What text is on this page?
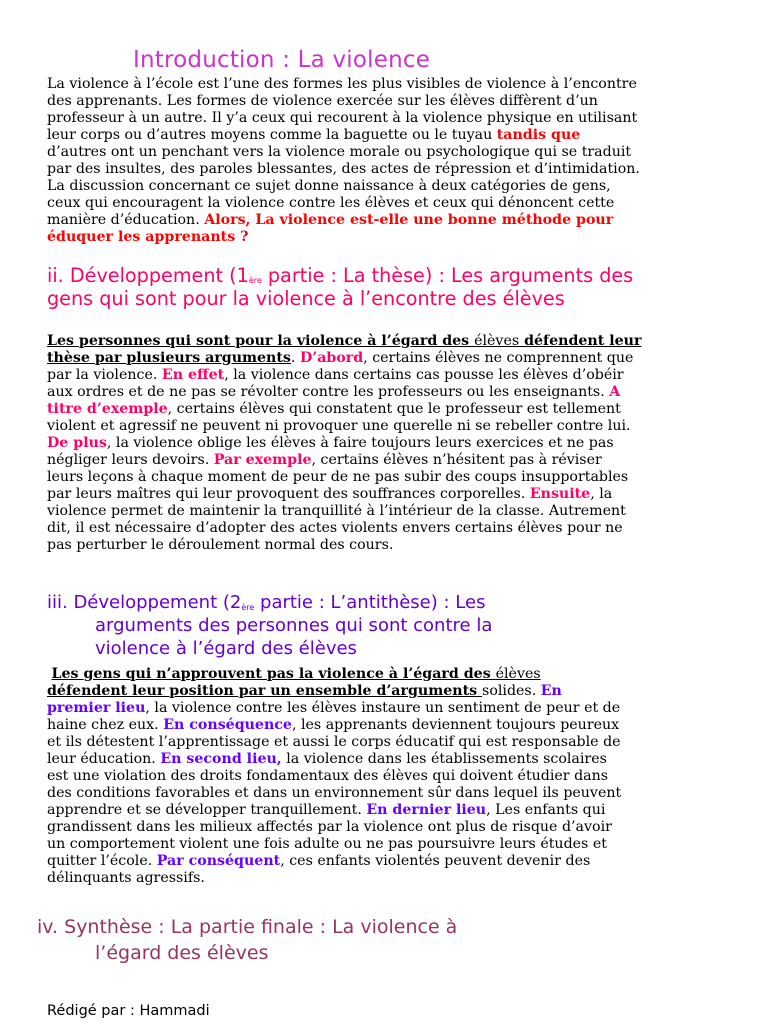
Introduction : La violence

La violence à l’école est l’une des formes les plus visibles de violence à l’encontre des apprenants. Les formes de violence exercée sur les élèves diffèrent d’un professeur à un autre. Il y’a ceux qui recourent à la violence physique en utilisant leur corps ou d’autres moyens comme la baguette ou le tuyau tandis que d’autres ont un penchant vers la violence morale ou psychologique qui se traduit par des insultes, des paroles blessantes, des actes de répression et d’intimidation. La discussion concernant ce sujet donne naissance à deux catégories de gens, ceux qui encouragent la violence contre les élèves et ceux qui dénoncent cette manière d’éducation. Alors, La violence est-elle une bonne méthode pour éduquer les apprenants ?

ii. Développement (1ère partie : La thèse) : Les arguments des gens qui sont pour la violence à l’encontre des élèves

Les personnes qui sont pour la violence à l’égard des élèves défendent leur thèse par plusieurs arguments. D’abord, certains élèves ne comprennent que par la violence. En effet, la violence dans certains cas pousse les élèves d’obéir aux ordres et de ne pas se révolter contre les professeurs ou les enseignants. A titre d’exemple, certains élèves qui constatent que le professeur est tellement violent et agressif ne peuvent ni provoquer une querelle ni se rebeller contre lui. De plus, la violence oblige les élèves à faire toujours leurs exercices et ne pas négliger leurs devoirs. Par exemple, certains élèves n’hésitent pas à réviser leurs leçons à chaque moment de peur de ne pas subir des coups insupportables par leurs maîtres qui leur provoquent des souffrances corporelles. Ensuite, la violence permet de maintenir la tranquillité à l’intérieur de la classe. Autrement dit, il est nécessaire d’adopter des actes violents envers certains élèves pour ne pas perturber le déroulement normal des cours.

iii. Développement (2ère partie : L’antithèse) : Les
arguments des personnes qui sont contre la
violence à l’égard des élèves

Les gens qui n’approuvent pas la violence à l’égard des élèves défendent leur position par un ensemble d’arguments solides. En premier lieu, la violence contre les élèves instaure un sentiment de peur et de haine chez eux. En conséquence, les apprenants deviennent toujours peureux et ils détestent l’apprentissage et aussi le corps éducatif qui est responsable de leur éducation. En second lieu, la violence dans les établissements scolaires est une violation des droits fondamentaux des élèves qui doivent étudier dans des conditions favorables et dans un environnement sûr dans lequel ils peuvent apprendre et se développer tranquillement. En dernier lieu, Les enfants qui grandissent dans les milieux affectés par la violence ont plus de risque d’avoir un comportement violent une fois adulte ou ne pas poursuivre leurs études et quitter l’école. Par conséquent, ces enfants violentés peuvent devenir des délinquants agressifs.

iv. Synthèse : La partie finale : La violence à
l’égard des élèves

Rédigé par : Hammadi
